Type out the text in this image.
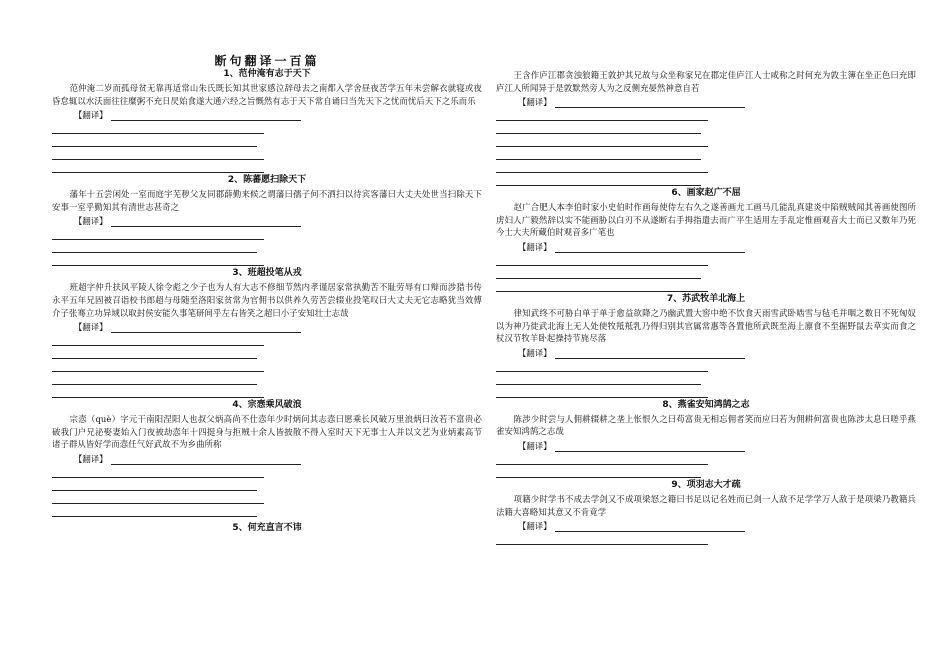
断句翻译一百篇
1、范仲淹有志于天下

范仲淹二岁而孤母贫无靠再适常山朱氏既长知其世家感泣辞母去之南都入学舍昼夜苦学五年未尝解衣就寝或夜昏怠辄以水沃面往往糜粥不充日昃始食遂大通六经之旨慨然有志于天下常自诵曰当先天下之忧而忧后天下之乐而乐

【翻译】
2、陈蕃愿扫除天下

藩年十五尝闲处一室而庭宇芜秽父友同郡薛勤来候之谓藩曰孺子何不洒扫以待宾客藩曰大丈夫处世当扫除天下安事一室乎勤知其有清世志甚奇之

【翻译】
3、班超投笔从戎

班超字仲升扶风平陵人徐令彪之少子也为人有大志不修细节然内孝谨居家常执勤苦不耻劳辱有口辩而涉猎书传永平五年兄固被召诣校书郎超与母随至洛阳家贫常为官佣书以供养久劳苦尝辍业投笔叹曰大丈夫无它志略犹当效傅介子张骞立功异域以取封侯安能久事笔研间乎左右皆笑之超曰小子安知壮士志哉

【翻译】
4、宗悫乘风破浪

宗悫（què）字元干南阳涅阳人也叔父炳高尚不仕悫年少时炳问其志悫曰愿乘长风破万里浪炳曰汝若不富贵必破我门户兄泌娶妻始入门夜被劫悫年十四挺身与拒贼十余人皆披散不得入室时天下无事士人并以文艺为业炳素高节诸子群从皆好学而悫任气好武故不为乡曲所称

【翻译】
5、何充直言不讳

王含作庐江郡贪浊狼籍王敦护其兄故与众坐称家兄在郡定佳庐江人士咸称之时何充为敦主簿在坐正色曰充即庐江人所闻异于是敦默然旁人为之反侧充晏然神意自若

【翻译】
6、画家赵广不屈

赵广合肥人本李伯时家小史伯时作画每使侍左右久之遂善画尤工画马几能乱真建炎中陷贼贼闻其善画使图所虏妇人广毅然辞以实不能画胁以白刃不从遂断右手拇指遣去而广平生适用左手乱定惟画观音大士而已又数年乃死今士大夫所藏伯时观音多广笔也

【翻译】
7、苏武牧羊北海上

律知武终不可胁白单于单于愈益欲降之乃幽武置大窖中绝不饮食天雨雪武卧啮雪与毡毛并咽之数日不死匈奴以为神乃徙武北海上无人处使牧羝羝乳乃得归别其官属常惠等各置他所武既至海上廪食不至掘野鼠去草实而食之杖汉节牧羊卧起操持节旄尽落

【翻译】
8、燕雀安知鸿鹄之志

陈涉少时尝与人佣耕辍耕之垄上怅恨久之曰苟富贵无相忘佣者笑而应曰若为佣耕何富贵也陈涉太息曰嗟乎燕雀安知鸿鹄之志哉

【翻译】
9、项羽志大才疏

项籍少时学书不成去学剑又不成项梁怒之籍曰书足以记名姓而已剑一人敌不足学学万人敌于是项梁乃教籍兵法籍大喜略知其意又不肯竟学

【翻译】
